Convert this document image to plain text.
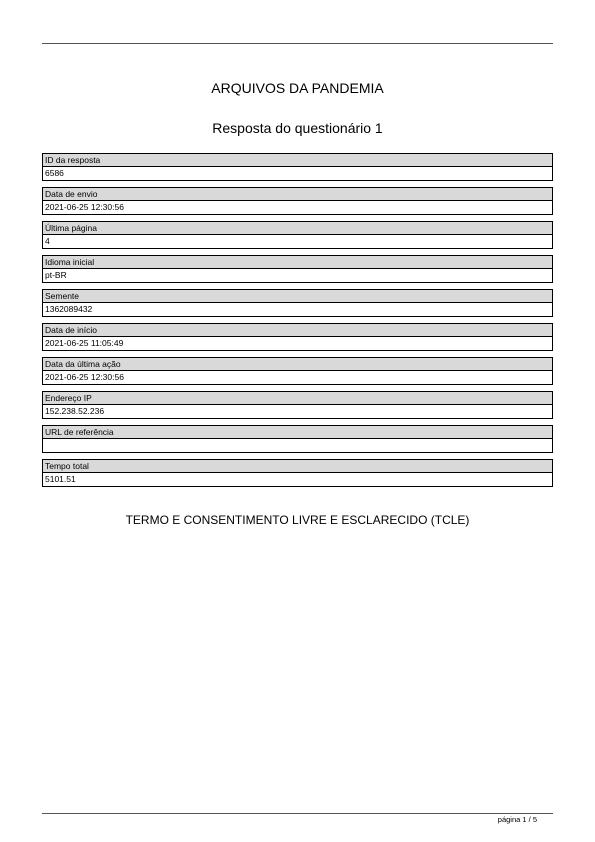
ARQUIVOS DA PANDEMIA
Resposta do questionário 1
ID da resposta
6586
Data de envio
2021-06-25 12:30:56
Última página
4
Idioma inicial
pt-BR
Semente
1362089432
Data de início
2021-06-25 11:05:49
Data da última ação
2021-06-25 12:30:56
Endereço IP
152.238.52.236
URL de referência
Tempo total
5101.51
TERMO E CONSENTIMENTO LIVRE E ESCLARECIDO (TCLE)
página 1 / 5
